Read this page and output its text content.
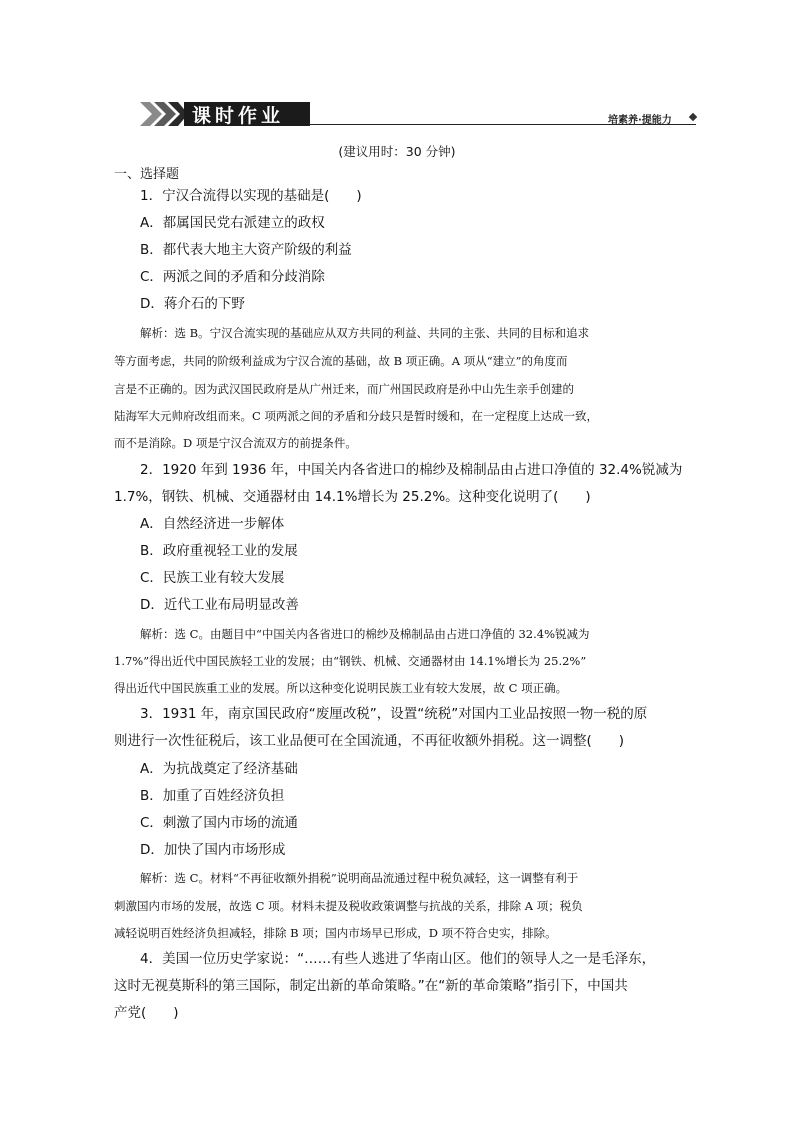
课时作业	培素养·提能力
(建议用时：30 分钟)
一、选择题
1．宁汉合流得以实现的基础是(　　)
A．都属国民党右派建立的政权
B．都代表大地主大资产阶级的利益
C．两派之间的矛盾和分歧消除
D．蒋介石的下野
解析：选 B。宁汉合流实现的基础应从双方共同的利益、共同的主张、共同的目标和追求
等方面考虑，共同的阶级利益成为宁汉合流的基础，故 B 项正确。A 项从“建立”的角度而
言是不正确的。因为武汉国民政府是从广州迁来，而广州国民政府是孙中山先生亲手创建的
陆海军大元帅府改组而来。C 项两派之间的矛盾和分歧只是暂时缓和，在一定程度上达成一致，
而不是消除。D 项是宁汉合流双方的前提条件。
2．1920 年到 1936 年，中国关内各省进口的棉纱及棉制品由占进口净值的 32.4%锐减为
1.7%，钢铁、机械、交通器材由 14.1%增长为 25.2%。这种变化说明了(　　)
A．自然经济进一步解体
B．政府重视轻工业的发展
C．民族工业有较大发展
D．近代工业布局明显改善
解析：选 C。由题目中“中国关内各省进口的棉纱及棉制品由占进口净值的 32.4%锐减为
1.7%”得出近代中国民族轻工业的发展；由“钢铁、机械、交通器材由 14.1%增长为 25.2%”
得出近代中国民族重工业的发展。所以这种变化说明民族工业有较大发展，故 C 项正确。
3．1931 年，南京国民政府“废厘改税”，设置“统税”对国内工业品按照一物一税的原
则进行一次性征税后，该工业品便可在全国流通，不再征收额外捐税。这一调整(　　)
A．为抗战奠定了经济基础
B．加重了百姓经济负担
C．刺激了国内市场的流通
D．加快了国内市场形成
解析：选 C。材料“不再征收额外捐税”说明商品流通过程中税负减轻，这一调整有利于
刺激国内市场的发展，故选 C 项。材料未提及税收政策调整与抗战的关系，排除 A 项；税负
减轻说明百姓经济负担减轻，排除 B 项；国内市场早已形成，D 项不符合史实，排除。
4．美国一位历史学家说：“……有些人逃进了华南山区。他们的领导人之一是毛泽东，
这时无视莫斯科的第三国际，制定出新的革命策略。”在“新的革命策略”指引下，中国共
产党(　　)
